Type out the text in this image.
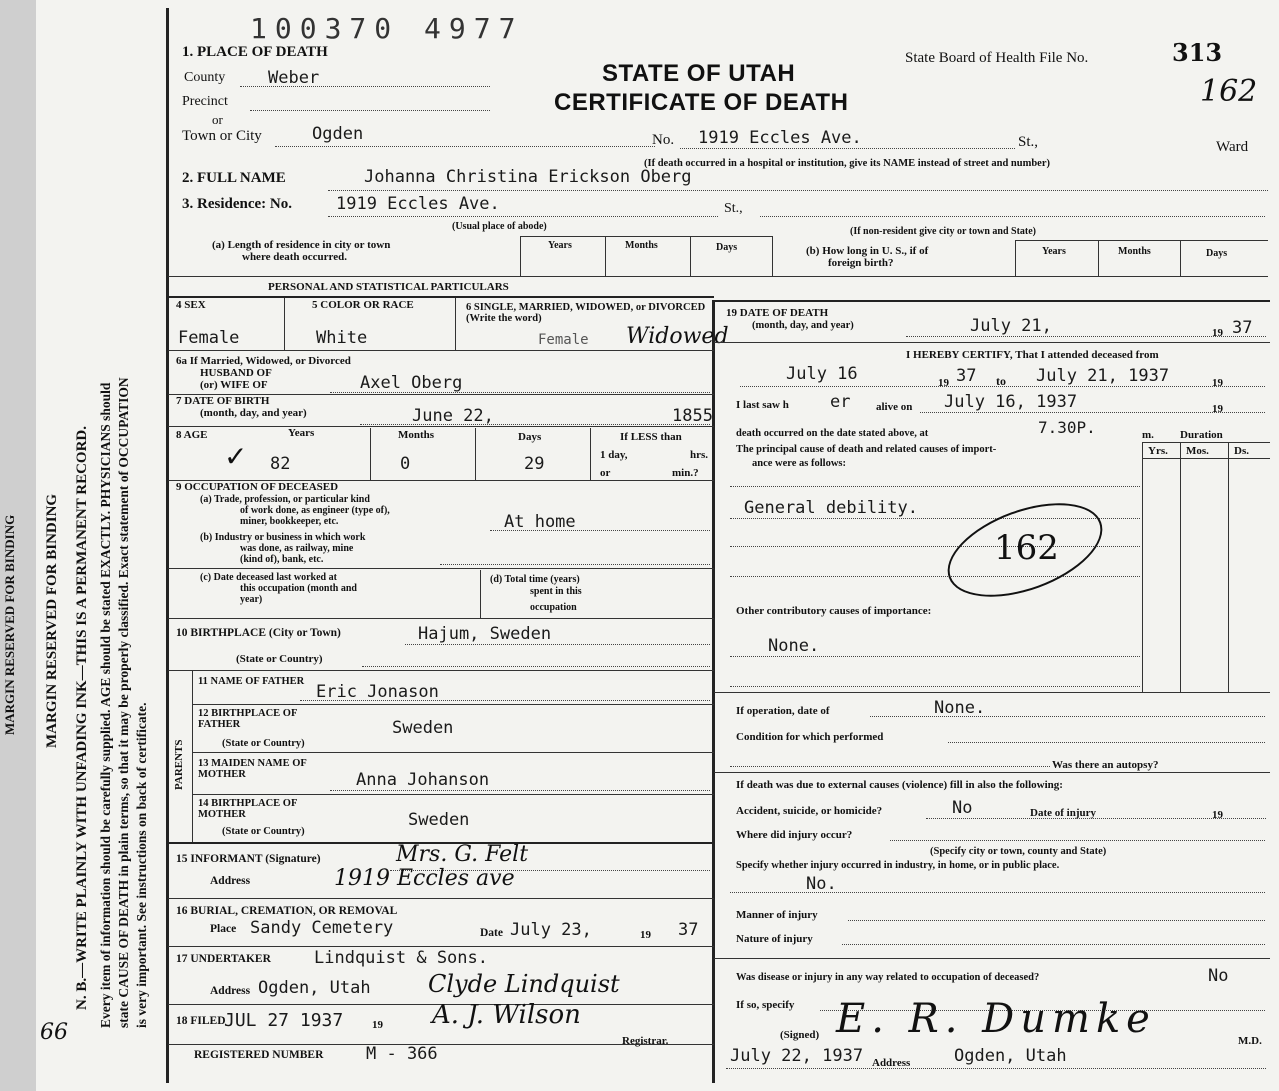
MARGIN RESERVED FOR BINDING MARGIN RESERVED FOR BINDING N. B.—WRITE PLAINLY WITH UNFADING INK—THIS IS A PERMANENT RECORD. Every item of information should be carefully supplied. AGE should be stated EXACTLY. PHYSICIANS should state CAUSE OF DEATH in plain terms, so that it may be properly classified. Exact statement of OCCUPATION is very important. See instructions on back of certificate.
66
100370 4977
1. PLACE OF DEATH
STATE OF UTAH
CERTIFICATE OF DEATH
State Board of Health File No.	313
162
County	Weber
Precinct
or
Town or City	Ogden	No. 1919 Eccles Ave.	St.,	Ward
(If death occurred in a hospital or institution, give its NAME instead of street and number)
2. FULL NAME	Johanna Christina Erickson Oberg
3. Residence: No.	1919 Eccles Ave.	St.,
(Usual place of abode)	(If non-resident give city or town and State)
(a) Length of residence in city or town
where death occurred.
Years	Months	Days	(b) How long in U. S., if of
foreign birth?
Years	Months	Days
PERSONAL AND STATISTICAL PARTICULARS
4 SEX
Female
5 COLOR OR RACE
White
6 SINGLE, MARRIED, WIDOWED, or DIVORCED (Write the word)
Female Widowed
6a If Married, Widowed, or Divorced
HUSBAND OF
(or) WIFE OF	Axel Oberg
7 DATE OF BIRTH
(month, day, and year)	June 22,	1855
8 AGE	Years	Months	Days	If LESS than
1 day,	hrs.
or	min.?
✓ 82	0	29
9 OCCUPATION OF DECEASED
(a) Trade, profession, or particular kind
of work done, as engineer (type of),
miner, bookkeeper, etc.	At home
(b) Industry or business in which work
was done, as railway, mine
(kind of), bank, etc.
(c) Date deceased last worked at
this occupation (month and
year)
(d) Total time (years)
spent in this
occupation
10 BIRTHPLACE (City or Town)	Hajum, Sweden
(State or Country)
PARENTS
11 NAME OF FATHER
Eric Jonason
12 BIRTHPLACE OF FATHER
(State or Country)
Sweden
13 MAIDEN NAME OF MOTHER	Anna Johanson
14 BIRTHPLACE OF MOTHER
(State or Country)
Sweden
15 INFORMANT (Signature)	Mrs. G. Felt
Address	1919 Eccles ave
16 BURIAL, CREMATION, OR REMOVAL
Place Sandy Cemetery	Date July 23,	19 37
17 UNDERTAKER	Lindquist & Sons.
Address Ogden, Utah Clyde Lindquist
18 FILED
JUL 27 1937	19 A. J. Wilson
Registrar.
REGISTERED NUMBER	M - 366
19 DATE OF DEATH
(month, day, and year)	July 21,	19 37
I HEREBY CERTIFY, That I attended deceased from
July 16	19 37 to July 21, 1937	19
I last saw h er alive on July 16, 1937	19
death occurred on the date stated above, at	7.30P.	m. Duration
The principal cause of death and related causes of import-
ance were as follows:
Yrs. Mos. Ds.
General debility.
162
Other contributory causes of importance:
None.
If operation, date of	None.
Condition for which performed
Was there an autopsy?
If death was due to external causes (violence) fill in also the following:
Accident, suicide, or homicide?	No	Date of injury	19
Where did injury occur?
(Specify city or town, county and State)
Specify whether injury occurred in industry, in home, or in public place.
No.
Manner of injury
Nature of injury
Was disease or injury in any way related to occupation of deceased?	No
If so, specify
(Signed) E. R. Dumke	M.D.
July 22, 1937 Address	Ogden, Utah
